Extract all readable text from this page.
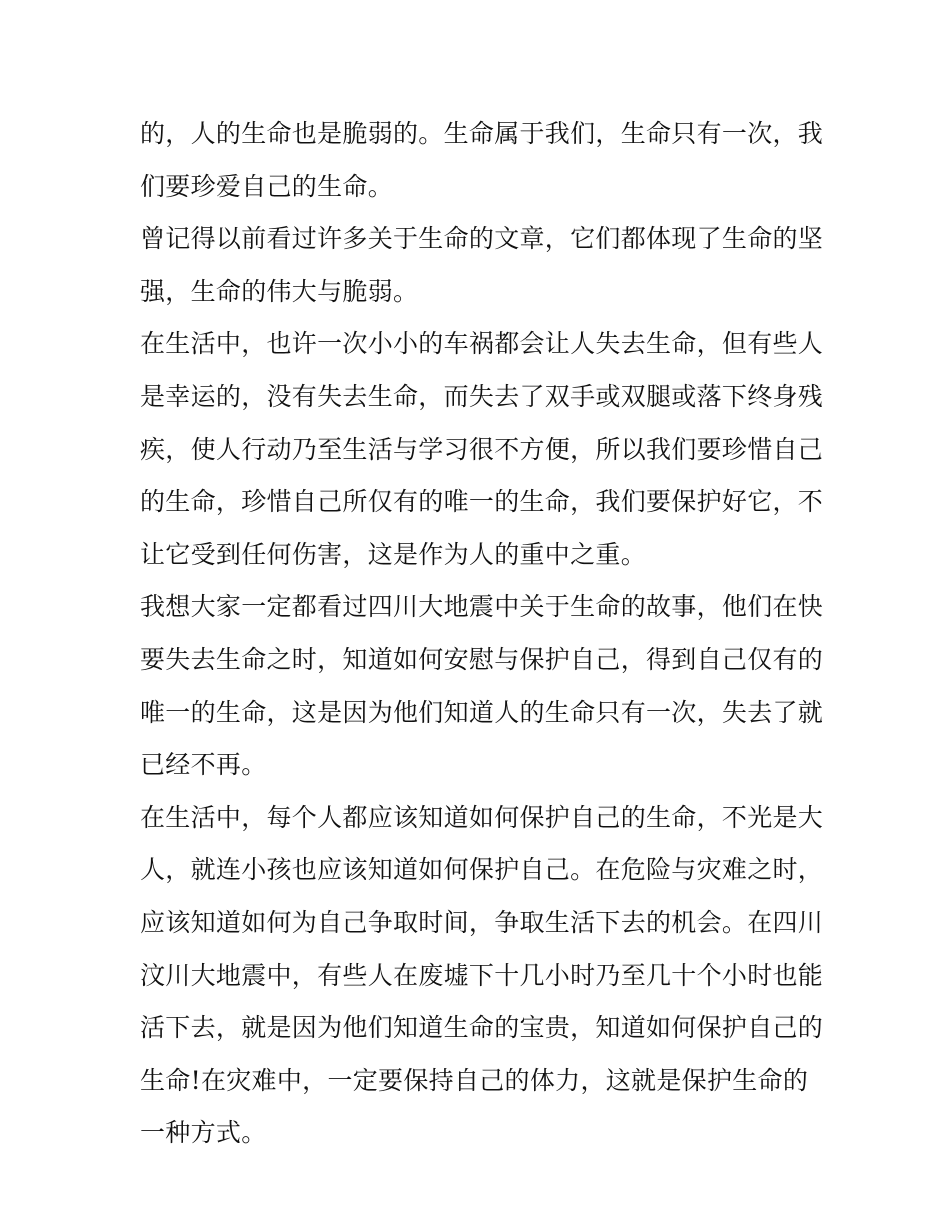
的，人的生命也是脆弱的。生命属于我们，生命只有一次，我
们要珍爱自己的生命。
曾记得以前看过许多关于生命的文章，它们都体现了生命的坚
强，生命的伟大与脆弱。
在生活中，也许一次小小的车祸都会让人失去生命，但有些人
是幸运的，没有失去生命，而失去了双手或双腿或落下终身残
疾，使人行动乃至生活与学习很不方便，所以我们要珍惜自己
的生命，珍惜自己所仅有的唯一的生命，我们要保护好它，不
让它受到任何伤害，这是作为人的重中之重。
我想大家一定都看过四川大地震中关于生命的故事，他们在快
要失去生命之时，知道如何安慰与保护自己，得到自己仅有的
唯一的生命，这是因为他们知道人的生命只有一次，失去了就
已经不再。
在生活中，每个人都应该知道如何保护自己的生命，不光是大
人，就连小孩也应该知道如何保护自己。在危险与灾难之时，
应该知道如何为自己争取时间，争取生活下去的机会。在四川
汶川大地震中，有些人在废墟下十几小时乃至几十个小时也能
活下去，就是因为他们知道生命的宝贵，知道如何保护自己的
生命!在灾难中，一定要保持自己的体力，这就是保护生命的
一种方式。
